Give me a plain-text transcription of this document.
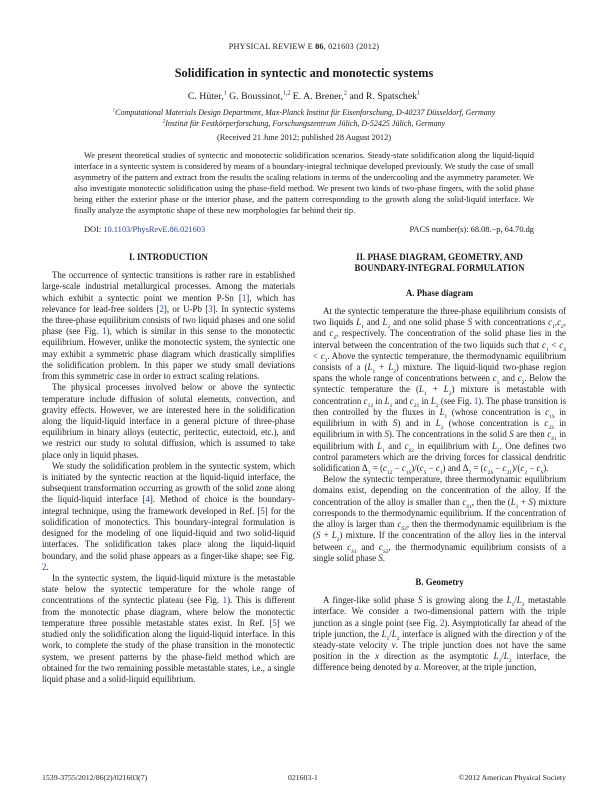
PHYSICAL REVIEW E 86, 021603 (2012)
Solidification in syntectic and monotectic systems
C. Hüter,$^1$ G. Boussinot,$^{1,2}$ E. A. Brener,$^2$ and R. Spatschek$^1$
$^1$Computational Materials Design Department, Max-Planck Institut für Eisenforschung, D-40237 Düsseldorf, Germany
$^2$Institut für Festkörperforschung, Forschungszentrum Jülich, D-52425 Jülich, Germany
(Received 21 June 2012; published 28 August 2012)

We present theoretical studies of syntectic and monotectic solidification scenarios. Steady-state solidification along the liquid-liquid interface in a syntectic system is considered by means of a boundary-integral technique developed previously. We study the case of small asymmetry of the pattern and extract from the results the scaling relations in terms of the undercooling and the asymmetry parameter. We also investigate monotectic solidification using the phase-field method. We present two kinds of two-phase fingers, with the solid phase being either the exterior phase or the interior phase, and the pattern corresponding to the growth along the solid-liquid interface. We finally analyze the asymptotic shape of these new morphologies far behind their tip.

DOI: 10.1103/PhysRevE.86.021603	PACS number(s): 68.08.−p, 64.70.dg
I. INTRODUCTION

The occurrence of syntectic transitions is rather rare in established large-scale industrial metallurgical processes. Among the materials which exhibit a syntectic point we mention P-Sn [1], which has relevance for lead-free solders [2], or U-Pb [3]. In syntectic systems the three-phase equilibrium consists of two liquid phases and one solid phase (see Fig. 1), which is similar in this sense to the monotectic equilibrium. However, unlike the monotectic system, the syntectic one may exhibit a symmetric phase diagram which drastically simplifies the solidification problem. In this paper we study small deviations from this symmetric case in order to extract scaling relations.

The physical processes involved below or above the syntectic temperature include diffusion of solutal elements, convection, and gravity effects. However, we are interested here in the solidification along the liquid-liquid interface in a general picture of three-phase equilibrium in binary alloys (eutectic, peritectic, eutectoid, etc.), and we restrict our study to solutal diffusion, which is assumed to take place only in liquid phases.

We study the solidification problem in the syntectic system, which is initiated by the syntectic reaction at the liquid-liquid interface, the subsequent transformation occurring as growth of the solid zone along the liquid-liquid interface [4]. Method of choice is the boundary-integral technique, using the framework developed in Ref. [5] for the solidification of monotectics. This boundary-integral formulation is designed for the modeling of one liquid-liquid and two solid-liquid interfaces. The solidification takes place along the liquid-liquid boundary, and the solid phase appears as a finger-like shape; see Fig. 2.

In the syntectic system, the liquid-liquid mixture is the metastable state below the syntectic temperature for the whole range of concentrations of the syntectic plateau (see Fig. 1). This is different from the monotectic phase diagram, where below the monotectic temperature three possible metastable states exist. In Ref. [5] we studied only the solidification along the liquid-liquid interface. In this work, to complete the study of the phase transition in the monotectic system, we present patterns by the phase-field method which are obtained for the two remaining possible metastable states, i.e., a single liquid phase and a solid-liquid equilibrium.

II. PHASE DIAGRAM, GEOMETRY, AND
BOUNDARY-INTEGRAL FORMULATION
A. Phase diagram

At the syntectic temperature the three-phase equilibrium consists of two liquids $L_1$ and $L_2$ and one solid phase S with concentrations $c_1,c_2$, and $c_S$, respectively. The concentration of the solid phase lies in the interval between the concentration of the two liquids such that $c_1 < c_S < c_2$. Above the syntectic temperature, the thermodynamic equilibrium consists of a $(L_1 + L_2)$ mixture. The liquid-liquid two-phase region spans the whole range of concentrations between $c_1$ and $c_2$. Below the syntectic temperature the $(L_1 + L_2)$ mixture is metastable with concentration $c_{12}$ in $L_1$ and $c_{21}$ in $L_2$ (see Fig. 1). The phase transition is then controlled by the fluxes in $L_1$ (whose concentration is $c_{1S}$ in equilibrium in with S) and in $L_2$ (whose concentration is $c_{2S}$ in equilibrium in with S). The concentrations in the solid S are then $c_{S1}$ in equilibrium with $L_1$ and $c_{S2}$ in equilibrium with $L_2$. One defines two control parameters which are the driving forces for classical dendritic solidification $\Delta_1 = (c_{12} - c_{1S})/(c_S - c_1)$ and $\Delta_2 = (c_{2S} - c_{21})/(c_2 - c_S)$.

Below the syntectic temperature, three thermodynamic equilibrium domains exist, depending on the concentration of the alloy. If the concentration of the alloy is smaller than $c_{S1}$, then the $(L_1 + S)$ mixture corresponds to the thermodynamic equilibrium. If the concentration of the alloy is larger than $c_{S2}$, then the thermodynamic equilibrium is the $(S + L_2)$ mixture. If the concentration of the alloy lies in the interval between $c_{S1}$ and $c_{S2}$, the thermodynamic equilibrium consists of a single solid phase S.

B. Geometry

A finger-like solid phase S is growing along the $L_1/L_2$ metastable interface. We consider a two-dimensional pattern with the triple junction as a single point (see Fig. 2). Asymptotically far ahead of the triple junction, the $L_1/L_2$ interface is aligned with the direction y of the steady-state velocity v. The triple junction does not have the same position in the x direction as the asymptotic $L_1/L_2$ interface, the difference being denoted by a. Moreover, at the triple junction,

1539-3755/2012/86(2)/021603(7)	021603-1	©2012 American Physical Society
